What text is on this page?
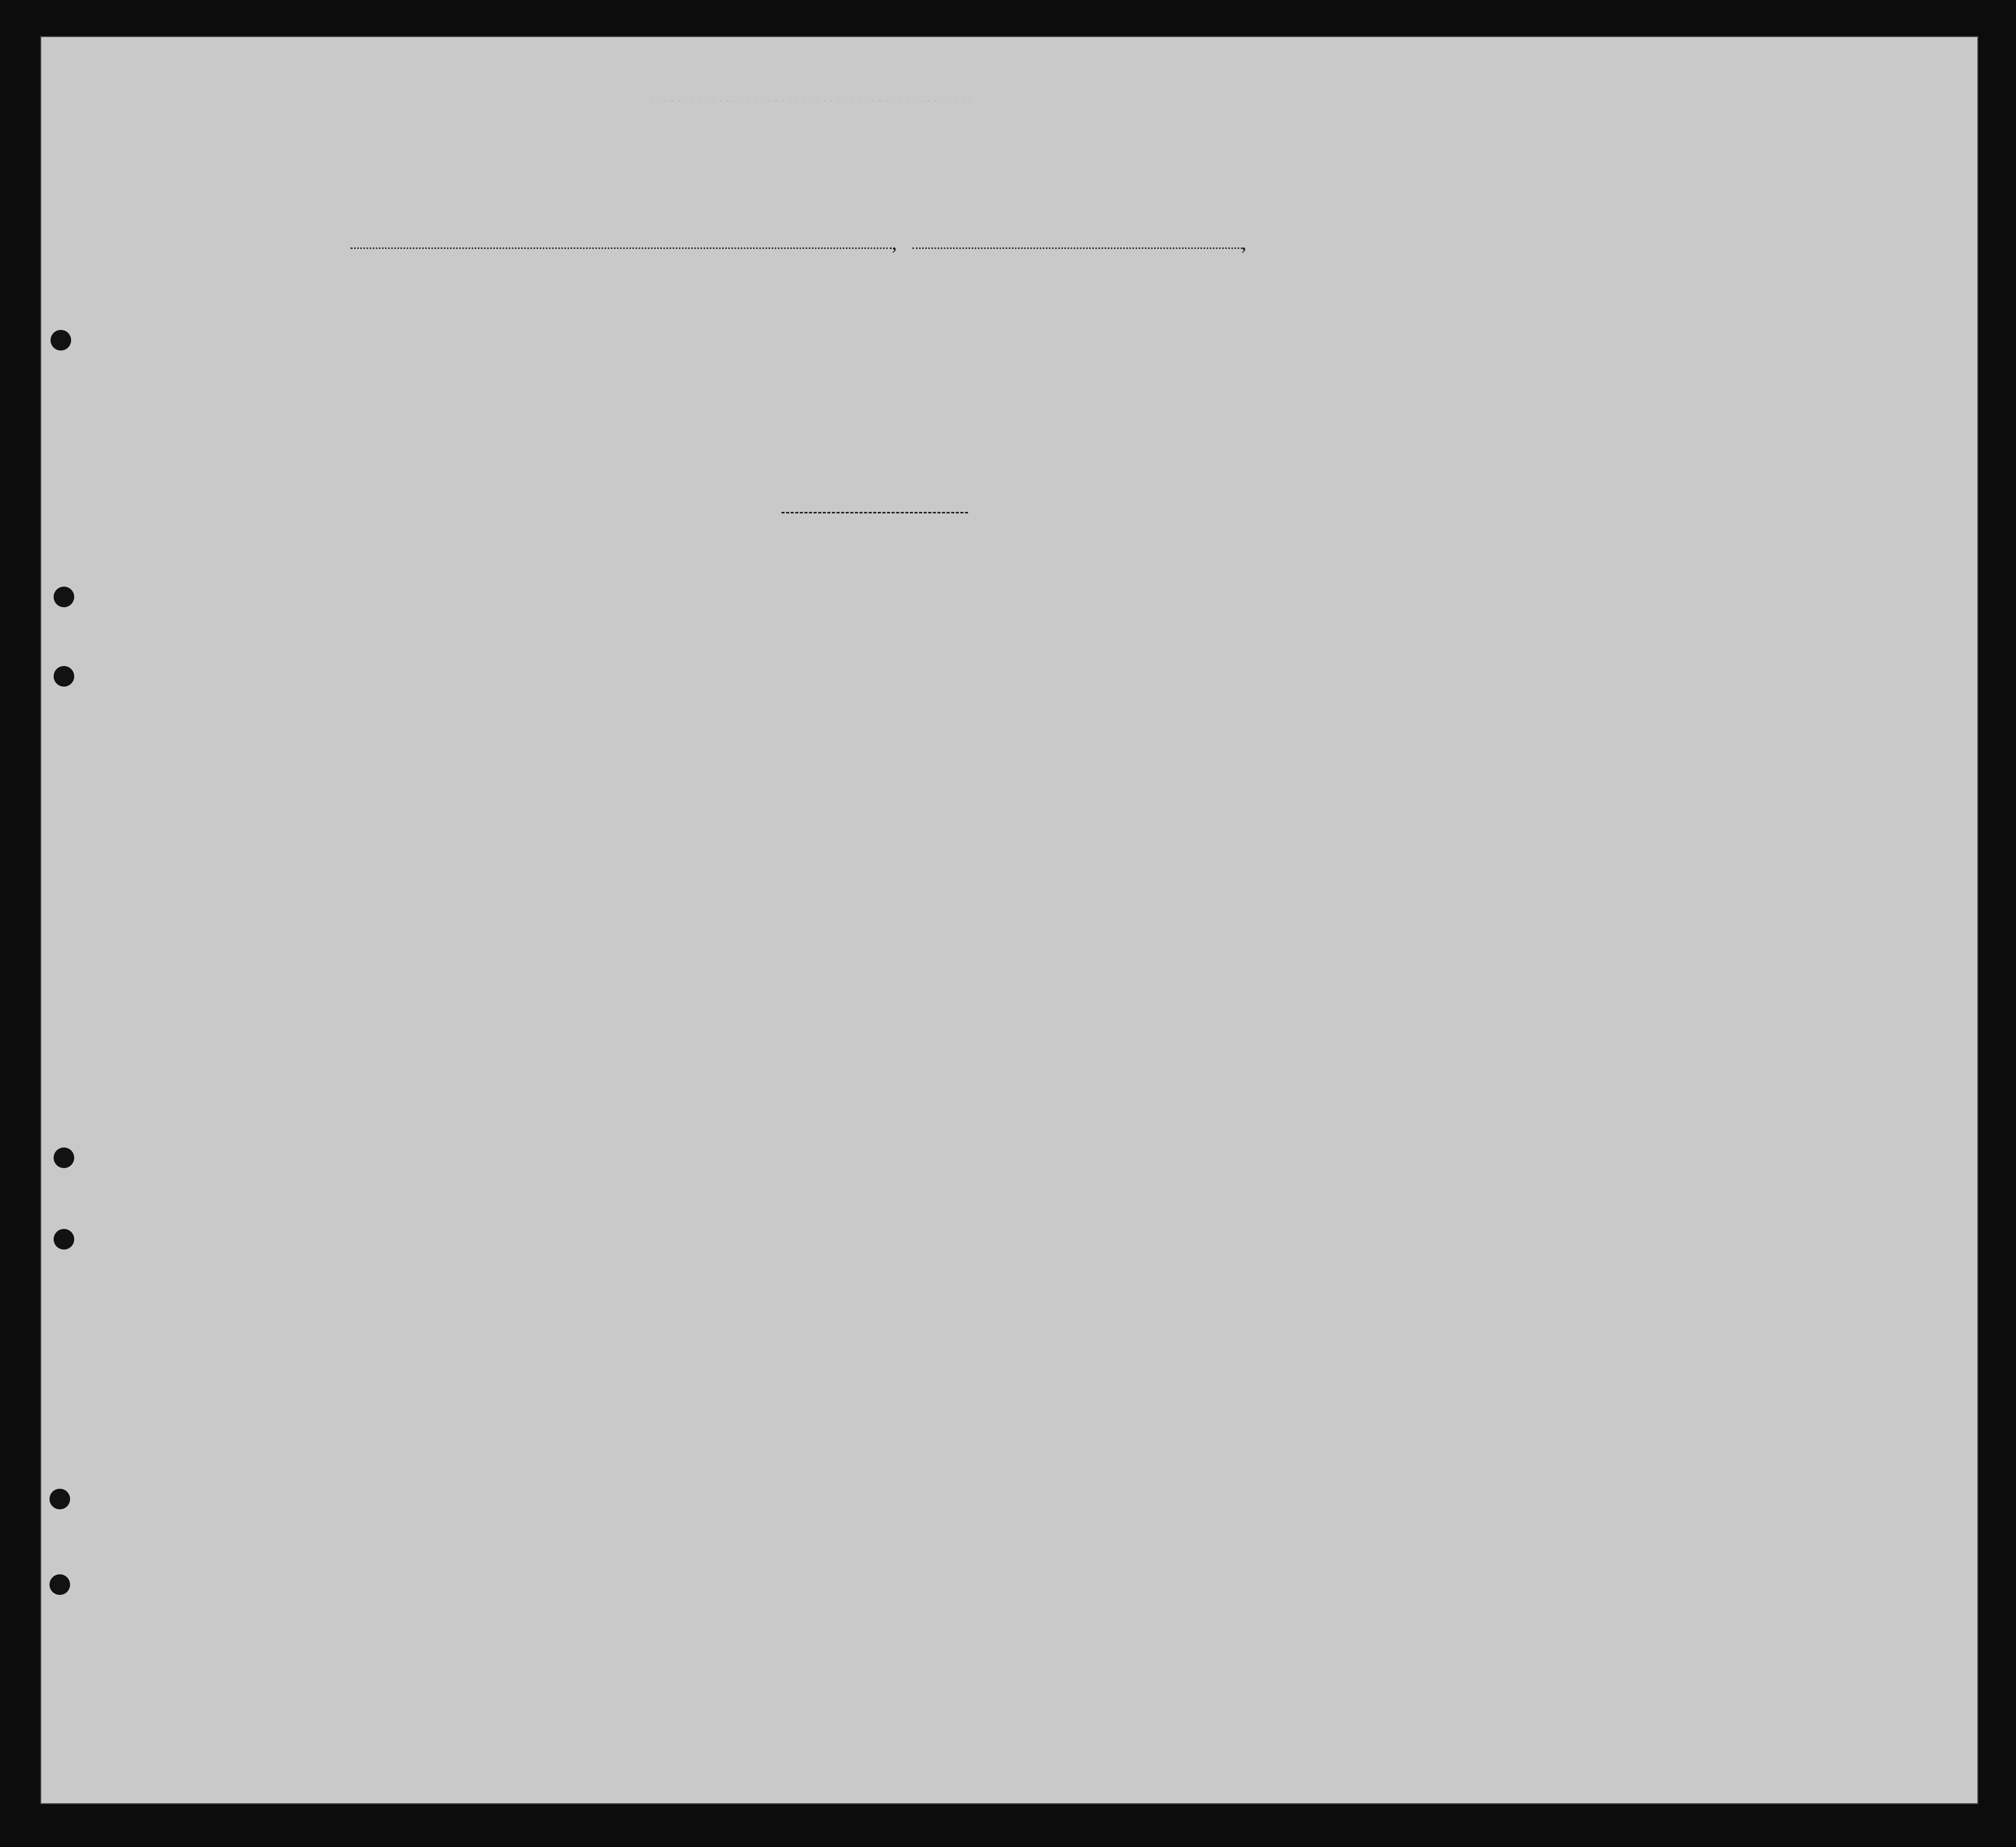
· · · · · · · · · · · · · · · · · · · · · · · · · · · · · · · · · · · · · · · · · · · · · · ·
,	,
